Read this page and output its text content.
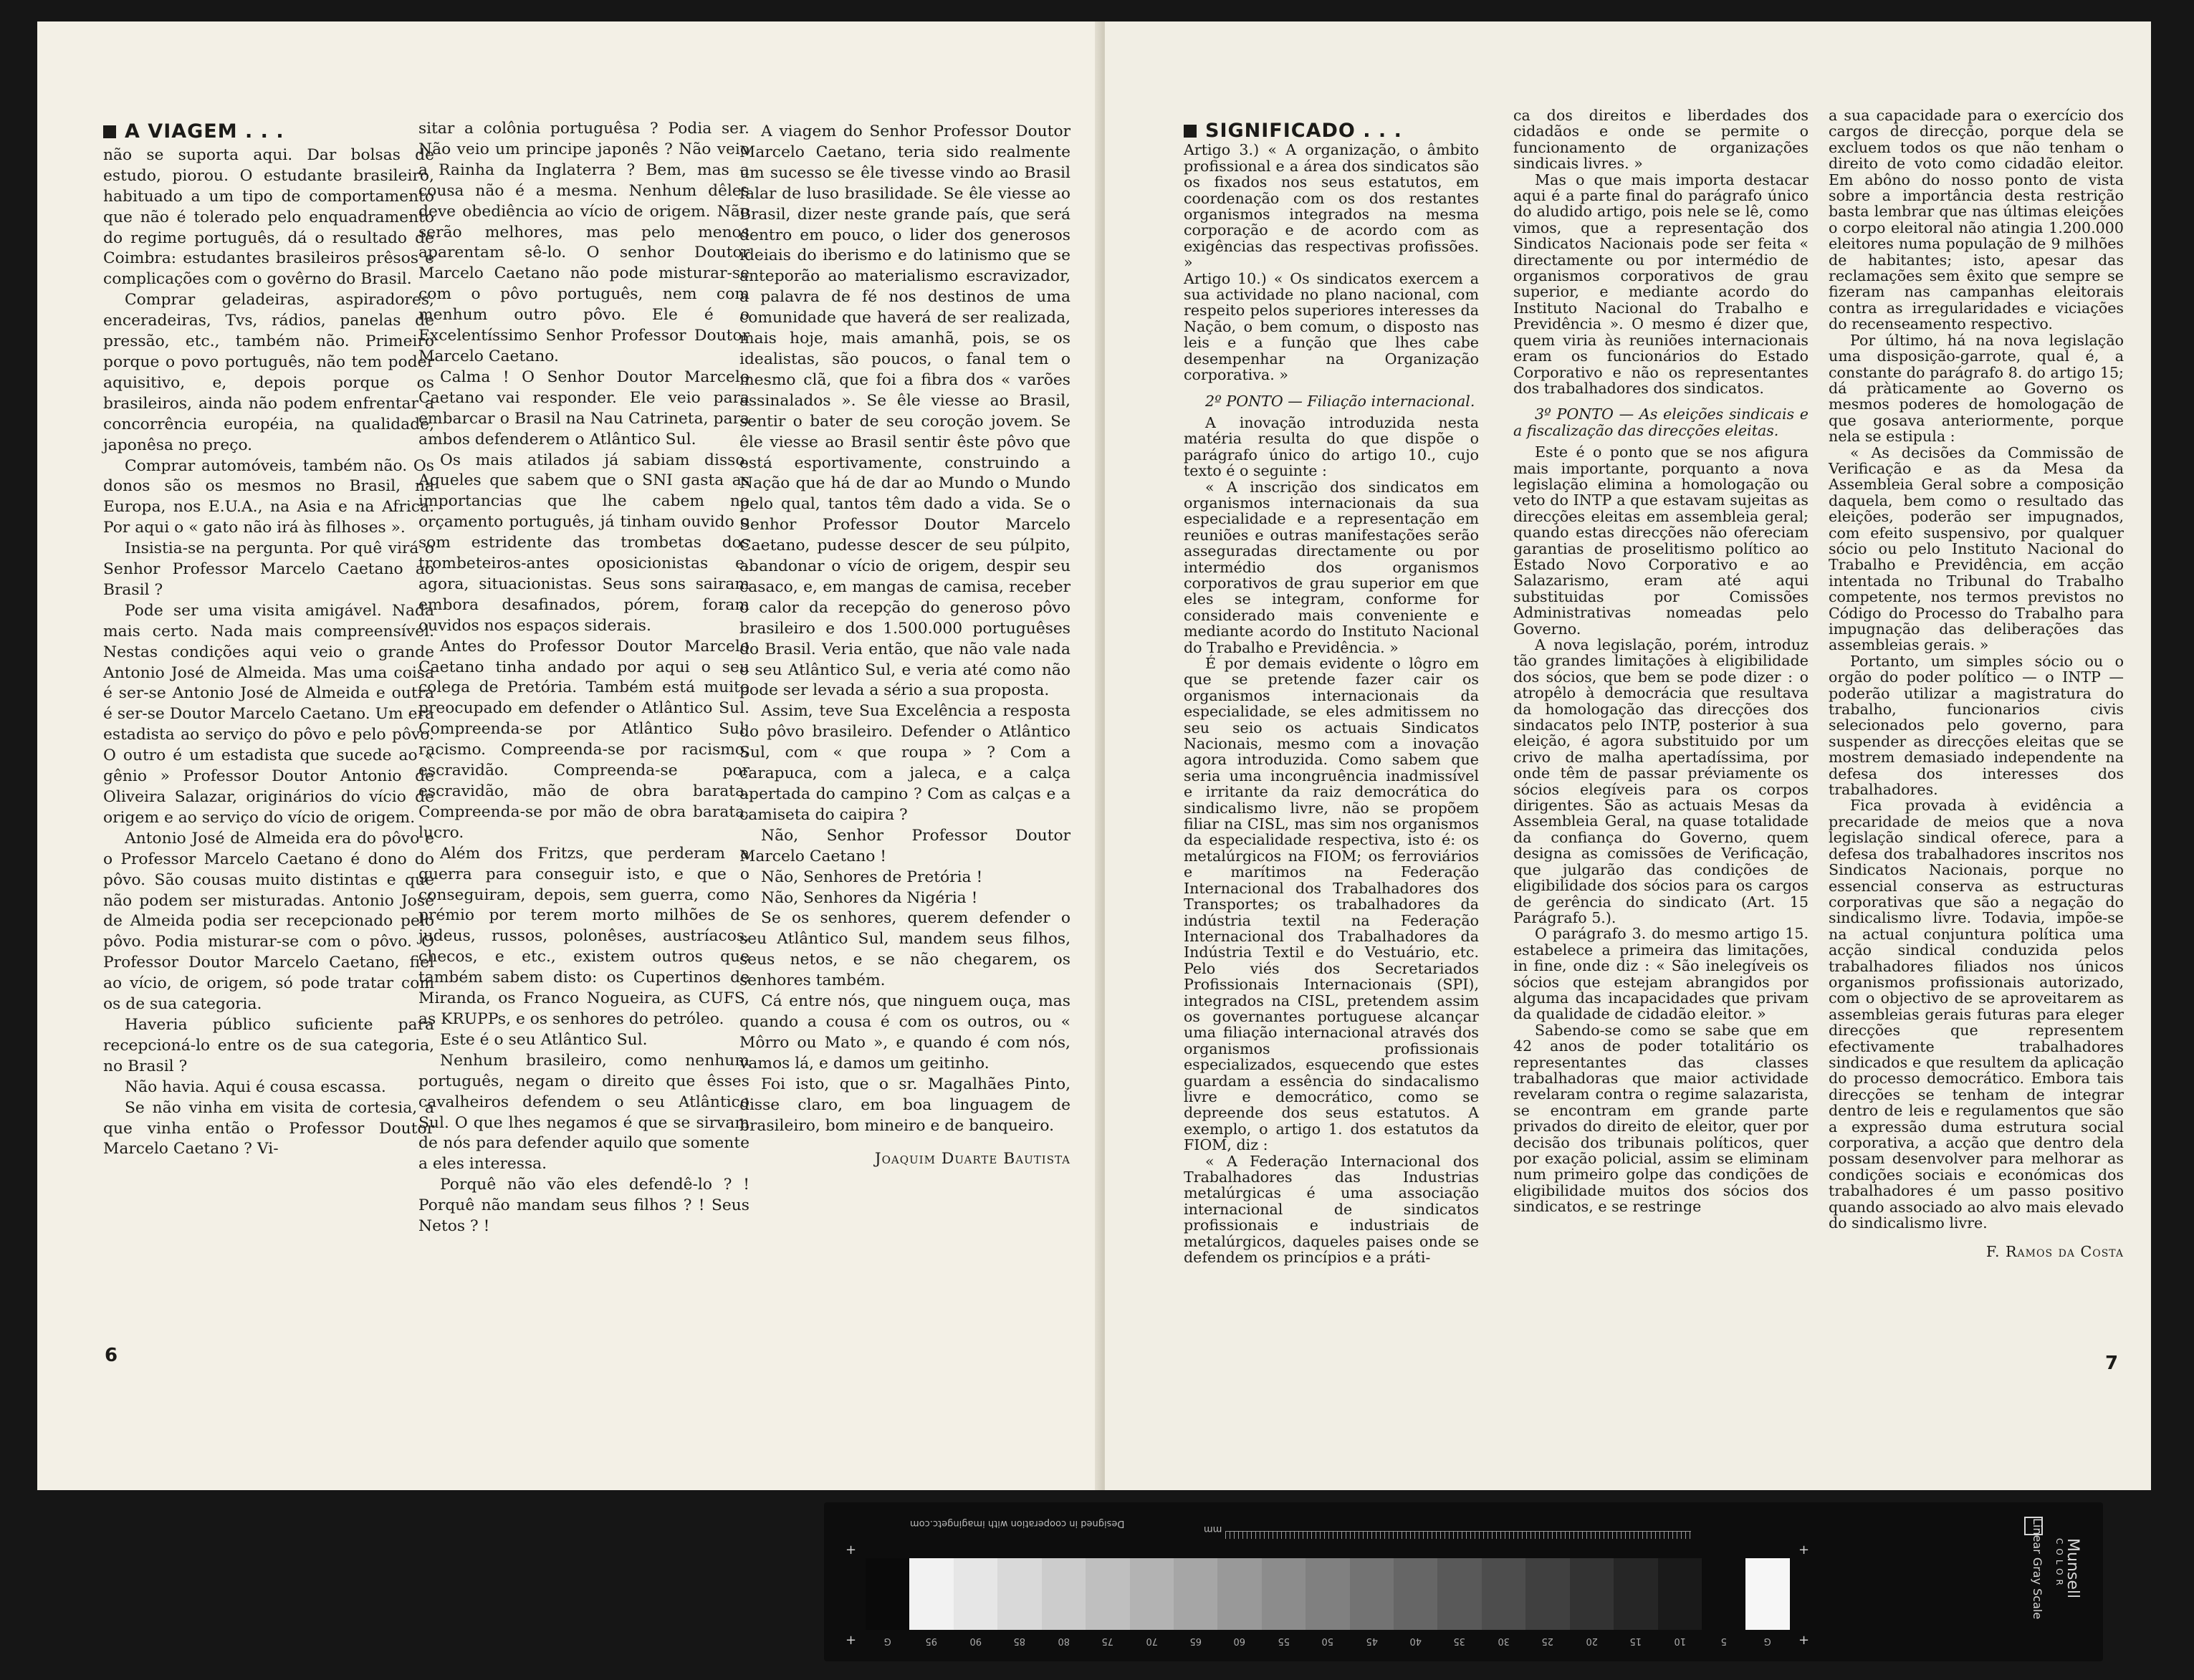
A VIAGEM . . .

não se suporta aqui. Dar bolsas de estudo, piorou. O estudante brasileiro, habituado a um tipo de comportamento que não é tolerado pelo enquadramento do regime português, dá o resultado de Coimbra: estudantes brasileiros prêsos e complicações com o govêrno do Brasil.

Comprar geladeiras, aspiradores, enceradeiras, Tvs, rádios, panelas de pressão, etc., também não. Primeiro porque o povo português, não tem poder aquisitivo, e, depois porque os brasileiros, ainda não podem enfrentar a concorrência européia, na qualidade, japonêsa no preço.

Comprar automóveis, também não. Os donos são os mesmos no Brasil, na Europa, nos E.U.A., na Asia e na Africa. Por aqui o « gato não irá às filhoses ».

Insistia-se na pergunta. Por quê virá o Senhor Professor Marcelo Caetano ao Brasil ?

Pode ser uma visita amigável. Nada mais certo. Nada mais compreensível. Nestas condições aqui veio o grande Antonio José de Almeida. Mas uma coisa é ser-se Antonio José de Almeida e outra é ser-se Doutor Marcelo Caetano. Um era estadista ao serviço do pôvo e pelo pôvo. O outro é um estadista que sucede ao « gênio » Professor Doutor Antonio de Oliveira Salazar, originários do vício de origem e ao serviço do vício de origem.

Antonio José de Almeida era do pôvo e o Professor Marcelo Caetano é dono do pôvo. São cousas muito distintas e que não podem ser misturadas. Antonio José de Almeida podia ser recepcionado pelo pôvo. Podia misturar-se com o pôvo. O Professor Doutor Marcelo Caetano, fiel ao vício, de origem, só pode tratar com os de sua categoria.

Haveria público suficiente para recepcioná-lo entre os de sua categoria, no Brasil ?

Não havia. Aqui é cousa escassa.

Se não vinha em visita de cortesia, a que vinha então o Professor Doutor Marcelo Caetano ? Vi-

sitar a colônia portuguêsa ? Podia ser. Não veio um principe japonês ? Não veio a Rainha da Inglaterra ? Bem, mas a cousa não é a mesma. Nenhum dêles deve obediência ao vício de origem. Não serão melhores, mas pelo menos aparentam sê-lo. O senhor Doutor Marcelo Caetano não pode misturar-se com o pôvo português, nem com menhum outro pôvo. Ele é o Excelentíssimo Senhor Professor Doutor Marcelo Caetano.

Calma ! O Senhor Doutor Marcelo Caetano vai responder. Ele veio para embarcar o Brasil na Nau Catrineta, para ambos defenderem o Atlântico Sul.

Os mais atilados já sabiam disso. Aqueles que sabem que o SNI gasta as importancias que lhe cabem no orçamento português, já tinham ouvido o som estridente das trombetas dos trombeteiros-antes oposicionistas e, agora, situacionistas. Seus sons sairam embora desafinados, pórem, foram ouvidos nos espaços siderais.

Antes do Professor Doutor Marcelo Caetano tinha andado por aqui o seu colega de Pretória. Também está muito preocupado em defender o Atlântico Sul. Compreenda-se por Atlântico Sul, racismo. Compreenda-se por racismo, escravidão. Compreenda-se por escravidão, mão de obra barata. Compreenda-se por mão de obra barata, lucro.

Além dos Fritzs, que perderam a guerra para conseguir isto, e que o conseguiram, depois, sem guerra, como prémio por terem morto milhões de judeus, russos, polonêses, austríacos, checos, e etc., existem outros que também sabem disto: os Cupertinos de Miranda, os Franco Nogueira, as CUFS, as KRUPPs, e os senhores do petróleo.

Este é o seu Atlântico Sul.

Nenhum brasileiro, como nenhum português, negam o direito que êsses cavalheiros defendem o seu Atlântico Sul. O que lhes negamos é que se sirvam de nós para defender aquilo que somente a eles interessa.

Porquê não vão eles defendê-lo ? ! Porquê não mandam seus filhos ? ! Seus Netos ? !

A viagem do Senhor Professor Doutor Marcelo Caetano, teria sido realmente um sucesso se êle tivesse vindo ao Brasil falar de luso brasilidade. Se êle viesse ao Brasil, dizer neste grande país, que será dentro em pouco, o lider dos generosos ideiais do iberismo e do latinismo que se anteporão ao materialismo escravizador, a palavra de fé nos destinos de uma comunidade que haverá de ser realizada, mais hoje, mais amanhã, pois, se os idealistas, são poucos, o fanal tem o mesmo clã, que foi a fibra dos « varões assinalados ». Se êle viesse ao Brasil, sentir o bater de seu coroção jovem. Se êle viesse ao Brasil sentir êste pôvo que está esportivamente, construindo a Nação que há de dar ao Mundo o Mundo pelo qual, tantos têm dado a vida. Se o Senhor Professor Doutor Marcelo Caetano, pudesse descer de seu púlpito, abandonar o vício de origem, despir seu casaco, e, em mangas de camisa, receber o calor da recepção do generoso pôvo brasileiro e dos 1.500.000 portuguêses do Brasil. Veria então, que não vale nada o seu Atlântico Sul, e veria até como não pode ser levada a sério a sua proposta.

Assim, teve Sua Excelência a resposta do pôvo brasileiro. Defender o Atlântico Sul, com « que roupa » ? Com a carapuca, com a jaleca, e a calça apertada do campino ? Com as calças e a camiseta do caipira ?

Não, Senhor Professor Doutor Marcelo Caetano !

Não, Senhores de Pretória !

Não, Senhores da Nigéria !

Se os senhores, querem defender o seu Atlântico Sul, mandem seus filhos, seus netos, e se não chegarem, os senhores também.

Cá entre nós, que ninguem ouça, mas quando a cousa é com os outros, ou « Môrro ou Mato », e quando é com nós, vamos lá, e damos um geitinho.

Foi isto, que o sr. Magalhães Pinto, disse claro, em boa linguagem de brasileiro, bom mineiro e de banqueiro.

Joaquim Duarte Bautista
6
SIGNIFICADO . . .

Artigo 3.) « A organização, o âmbito profissional e a área dos sindicatos são os fixados nos seus estatutos, em coordenação com os dos restantes organismos integrados na mesma corporação e de acordo com as exigências das respectivas profissões. »

Artigo 10.) « Os sindicatos exercem a sua actividade no plano nacional, com respeito pelos superiores interesses da Nação, o bem comum, o disposto nas leis e a função que lhes cabe desempenhar na Organização corporativa. »

2º PONTO — Filiação internacional.

A inovação introduzida nesta matéria resulta do que dispõe o parágrafo único do artigo 10., cujo texto é o seguinte :

« A inscrição dos sindicatos em organismos internacionais da sua especialidade e a representação em reuniões e outras manifestações serão asseguradas directamente ou por intermédio dos organismos corporativos de grau superior em que eles se integram, conforme for considerado mais conveniente e mediante acordo do Instituto Nacional do Trabalho e Previdência. »

É por demais evidente o lôgro em que se pretende fazer cair os organismos internacionais da especialidade, se eles admitissem no seu seio os actuais Sindicatos Nacionais, mesmo com a inovação agora introduzida. Como sabem que seria uma incongruência inadmissível e irritante da raiz democrática do sindicalismo livre, não se propõem filiar na CISL, mas sim nos organismos da especialidade respectiva, isto é: os metalúrgicos na FIOM; os ferroviários e marítimos na Federação Internacional dos Trabalhadores dos Transportes; os trabalhadores da indústria textil na Federação Internacional dos Trabalhadores da Indústria Textil e do Vestuário, etc. Pelo viés dos Secretariados Profissionais Internacionais (SPI), integrados na CISL, pretendem assim os governantes portuguese alcançar uma filiação internacional através dos organismos profissionais especializados, esquecendo que estes guardam a essência do sindacalismo livre e democrático, como se depreende dos seus estatutos. A exemplo, o artigo 1. dos estatutos da FIOM, diz :

« A Federação Internacional dos Trabalhadores das Industrias metalúrgicas é uma associação internacional de sindicatos profissionais e industriais de metalúrgicos, daqueles paises onde se defendem os princípios e a práti-

ca dos direitos e liberdades dos cidadãos e onde se permite o funcionamento de organizações sindicais livres. »

Mas o que mais importa destacar aqui é a parte final do parágrafo único do aludido artigo, pois nele se lê, como vimos, que a representação dos Sindicatos Nacionais pode ser feita « directamente ou por intermédio de organismos corporativos de grau superior, e mediante acordo do Instituto Nacional do Trabalho e Previdência ». O mesmo é dizer que, quem viria às reuniões internacionais eram os funcionários do Estado Corporativo e não os representantes dos trabalhadores dos sindicatos.

3º PONTO — As eleições sindicais e a fiscalização das direcções eleitas.

Este é o ponto que se nos afigura mais importante, porquanto a nova legislação elimina a homologação ou veto do INTP a que estavam sujeitas as direcções eleitas em assembleia geral; quando estas direcções não ofereciam garantias de proselitismo político ao Estado Novo Corporativo e ao Salazarismo, eram até aqui substituidas por Comissões Administrativas nomeadas pelo Governo.

A nova legislação, porém, introduz tão grandes limitações à eligibilidade dos sócios, que bem se pode dizer : o atropêlo à democrácia que resultava da homologação das direcções dos sindacatos pelo INTP, posterior à sua eleição, é agora substituido por um crivo de malha apertadíssima, por onde têm de passar préviamente os sócios elegíveis para os corpos dirigentes. São as actuais Mesas da Assembleia Geral, na quase totalidade da confiança do Governo, quem designa as comissões de Verificação, que julgarão das condições de eligibilidade dos sócios para os cargos de gerência do sindicato (Art. 15 Parágrafo 5.).

O parágrafo 3. do mesmo artigo 15. estabelece a primeira das limitações, in fine, onde diz : « São inelegíveis os sócios que estejam abrangidos por alguma das incapacidades que privam da qualidade de cidadão eleitor. »

Sabendo-se como se sabe que em 42 anos de poder totalitário os representantes das classes trabalhadoras que maior actividade revelaram contra o regime salazarista, se encontram em grande parte privados do direito de eleitor, quer por decisão dos tribunais políticos, quer por exação policial, assim se eliminam num primeiro golpe das condições de eligibilidade muitos dos sócios dos sindicatos, e se restringe

a sua capacidade para o exercício dos cargos de direcção, porque dela se excluem todos os que não tenham o direito de voto como cidadão eleitor. Em abôno do nosso ponto de vista sobre a importância desta restrição basta lembrar que nas últimas eleições o corpo eleitoral não atingia 1.200.000 eleitores numa população de 9 milhões de habitantes; isto, apesar das reclamações sem êxito que sempre se fizeram nas campanhas eleitorais contra as irregularidades e viciações do recenseamento respectivo.

Por último, há na nova legislação uma disposição-garrote, qual é, a constante do parágrafo 8. do artigo 15; dá pràticamente ao Governo os mesmos poderes de homologação de que gosava anteriormente, porque nela se estipula :

« As decisões da Commissão de Verificação e as da Mesa da Assembleia Geral sobre a composição daquela, bem como o resultado das eleições, poderão ser impugnados, com efeito suspensivo, por qualquer sócio ou pelo Instituto Nacional do Trabalho e Previdência, em acção intentada no Tribunal do Trabalho competente, nos termos previstos no Código do Processo do Trabalho para impugnação das deliberações das assembleias gerais. »

Portanto, um simples sócio ou o orgão do poder político — o INTP — poderão utilizar a magistratura do trabalho, funcionarios civis selecionados pelo governo, para suspender as direcções eleitas que se mostrem demasiado independente na defesa dos interesses dos trabalhadores.

Fica provada à evidência a precaridade de meios que a nova legislação sindical oferece, para a defesa dos trabalhadores inscritos nos Sindicatos Nacionais, porque no essencial conserva as estructuras corporativas que são a negação do sindicalismo livre. Todavia, impõe-se na actual conjuntura política uma acção sindical conduzida pelos trabalhadores filiados nos únicos organismos profissionais autorizado, com o objectivo de se aproveitarem as assembleias gerais futuras para eleger direcções que representem efectivamente trabalhadores sindicados e que resultem da aplicação do processo democrático. Embora tais direcções se tenham de integrar dentro de leis e regulamentos que são a expressão duma estrutura social corporativa, a acção que dentro dela possam desenvolver para melhorar as condições sociais e económicas dos trabalhadores é um passo positivo quando associado ao alvo mais elevado do sindicalismo livre.

F. Ramos da Costa
7
Designed in cooperation with imagingetc.com
mm
+
+
+
+
G	95	90	85	80	75	70	65	60	55	50	45	40	35	30	25	20	15	10	5	G
Munsell
COLOR
Linear Gray Scale
